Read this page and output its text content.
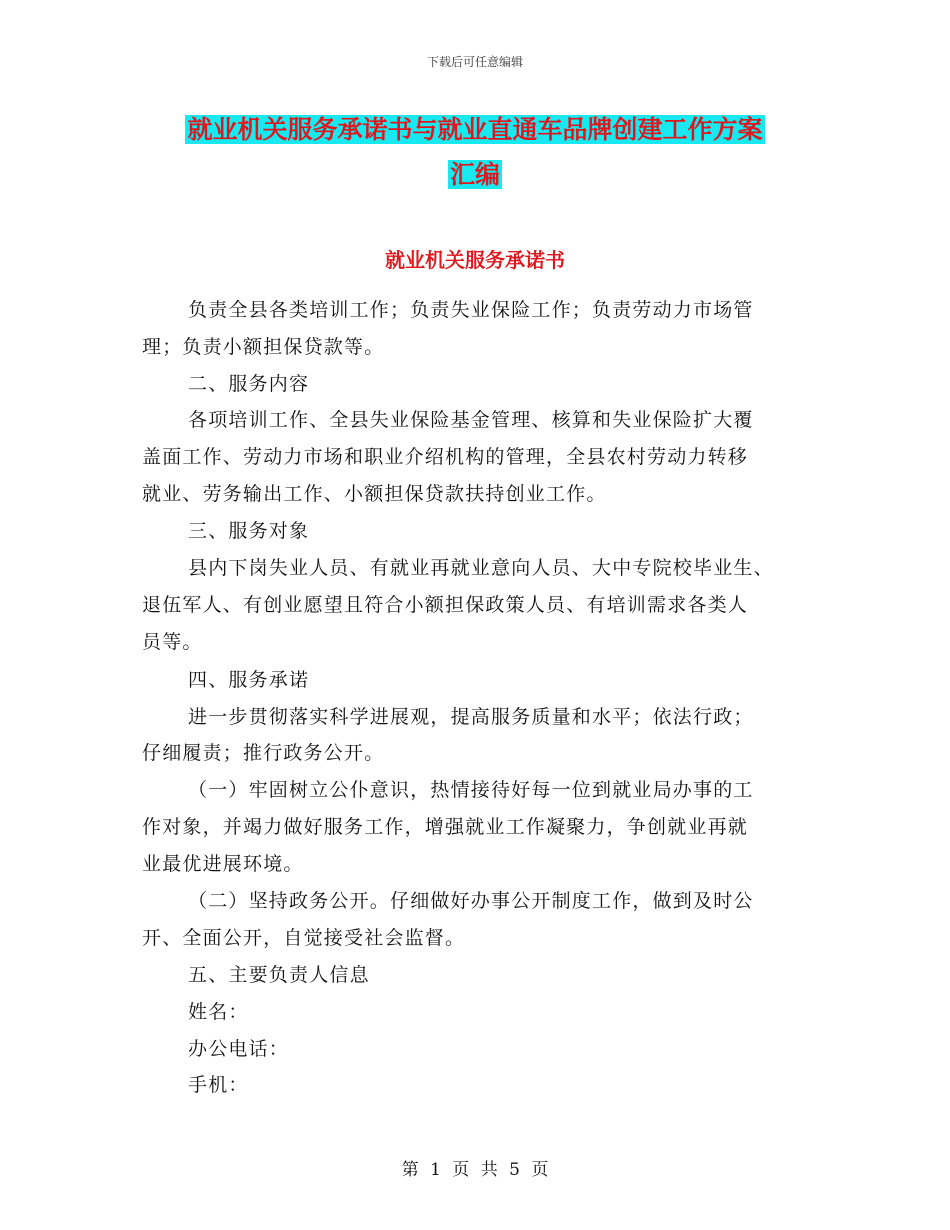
下载后可任意编辑
就业机关服务承诺书与就业直通车品牌创建工作方案
汇编
就业机关服务承诺书
负责全县各类培训工作；负责失业保险工作；负责劳动力市场管
理；负责小额担保贷款等。
二、服务内容
各项培训工作、全县失业保险基金管理、核算和失业保险扩大覆
盖面工作、劳动力市场和职业介绍机构的管理，全县农村劳动力转移
就业、劳务输出工作、小额担保贷款扶持创业工作。
三、服务对象
县内下岗失业人员、有就业再就业意向人员、大中专院校毕业生、
退伍军人、有创业愿望且符合小额担保政策人员、有培训需求各类人
员等。
四、服务承诺
进一步贯彻落实科学进展观，提高服务质量和水平；依法行政；
仔细履责；推行政务公开。
（一）牢固树立公仆意识，热情接待好每一位到就业局办事的工
作对象，并竭力做好服务工作，增强就业工作凝聚力，争创就业再就
业最优进展环境。
（二）坚持政务公开。仔细做好办事公开制度工作，做到及时公
开、全面公开，自觉接受社会监督。
五、主要负责人信息
姓名：
办公电话：
手机：
第 1 页 共 5 页
